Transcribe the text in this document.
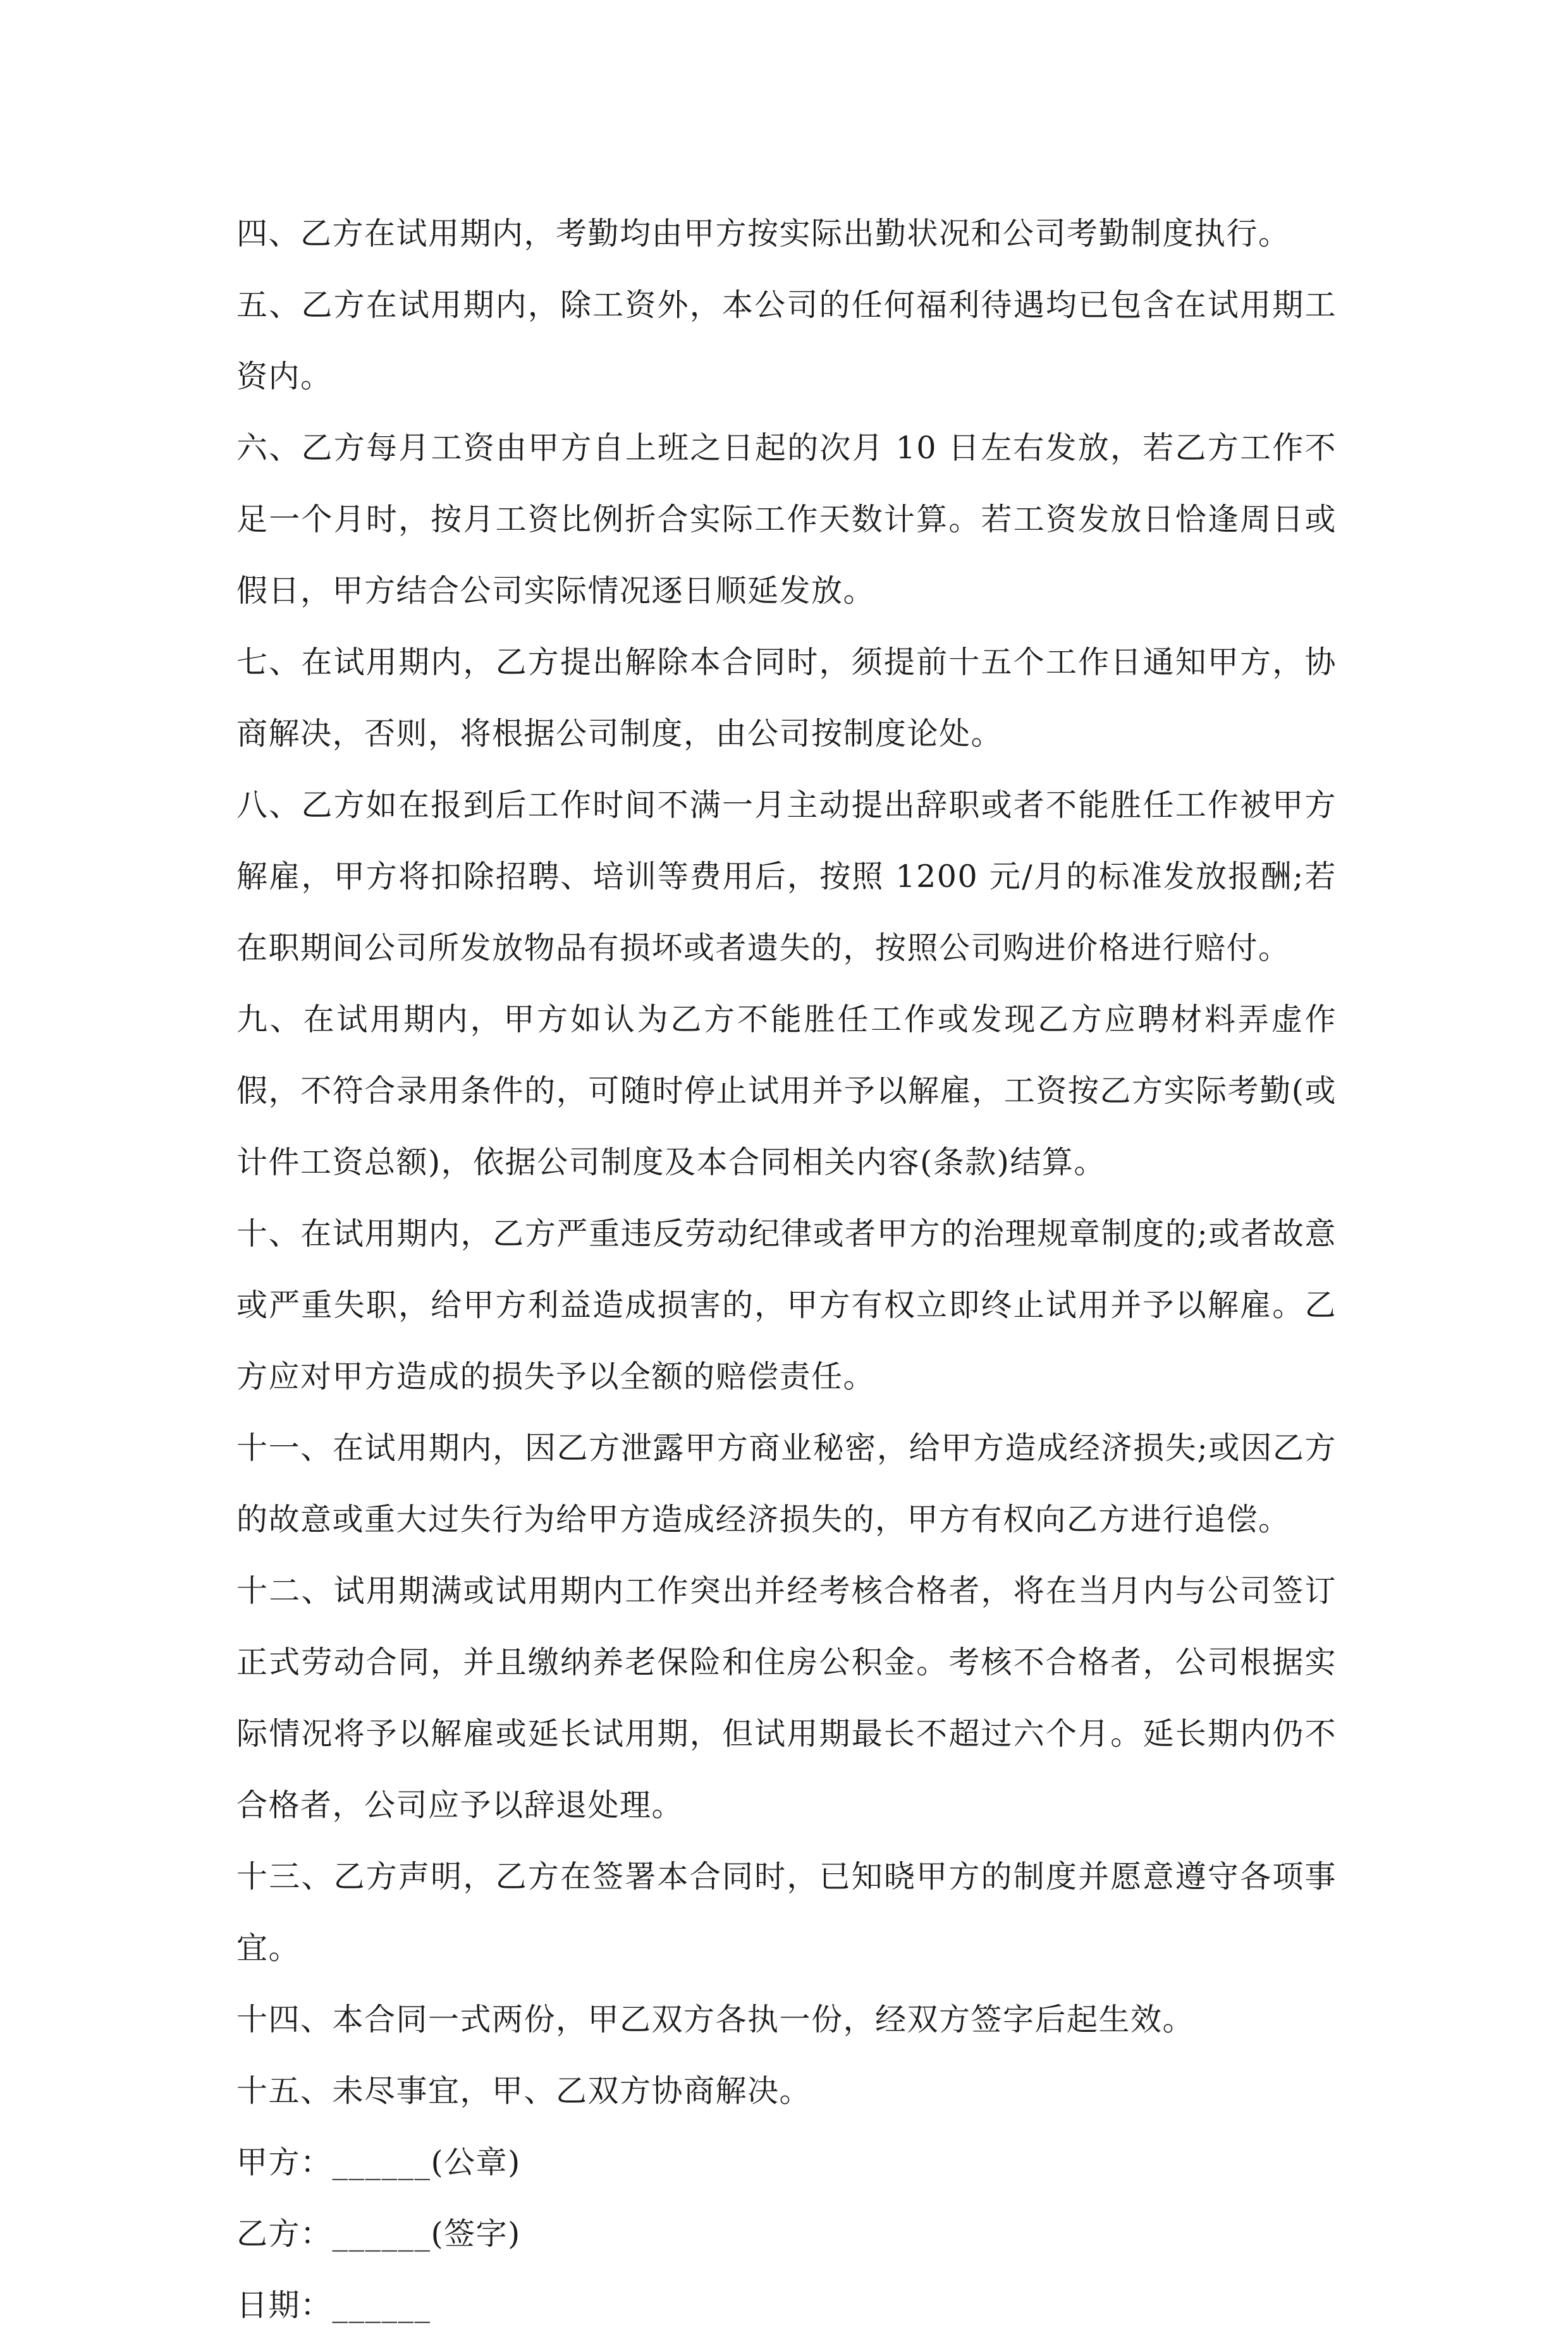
四、乙方在试用期内，考勤均由甲方按实际出勤状况和公司考勤制度执行。

五、乙方在试用期内，除工资外，本公司的任何福利待遇均已包含在试用期工资内。

六、乙方每月工资由甲方自上班之日起的次月 10 日左右发放，若乙方工作不足一个月时，按月工资比例折合实际工作天数计算。若工资发放日恰逢周日或假日，甲方结合公司实际情况逐日顺延发放。

七、在试用期内，乙方提出解除本合同时，须提前十五个工作日通知甲方，协商解决，否则，将根据公司制度，由公司按制度论处。

八、乙方如在报到后工作时间不满一月主动提出辞职或者不能胜任工作被甲方解雇，甲方将扣除招聘、培训等费用后，按照 1200 元/月的标准发放报酬;若在职期间公司所发放物品有损坏或者遗失的，按照公司购进价格进行赔付。

九、在试用期内，甲方如认为乙方不能胜任工作或发现乙方应聘材料弄虚作假，不符合录用条件的，可随时停止试用并予以解雇，工资按乙方实际考勤(或计件工资总额)，依据公司制度及本合同相关内容(条款)结算。

十、在试用期内，乙方严重违反劳动纪律或者甲方的治理规章制度的;或者故意或严重失职，给甲方利益造成损害的，甲方有权立即终止试用并予以解雇。乙方应对甲方造成的损失予以全额的赔偿责任。

十一、在试用期内，因乙方泄露甲方商业秘密，给甲方造成经济损失;或因乙方的故意或重大过失行为给甲方造成经济损失的，甲方有权向乙方进行追偿。

十二、试用期满或试用期内工作突出并经考核合格者，将在当月内与公司签订正式劳动合同，并且缴纳养老保险和住房公积金。考核不合格者，公司根据实际情况将予以解雇或延长试用期，但试用期最长不超过六个月。延长期内仍不合格者，公司应予以辞退处理。

十三、乙方声明，乙方在签署本合同时，已知晓甲方的制度并愿意遵守各项事宜。

十四、本合同一式两份，甲乙双方各执一份，经双方签字后起生效。

十五、未尽事宜，甲、乙双方协商解决。

甲方：______(公章)

乙方：______(签字)

日期：______
